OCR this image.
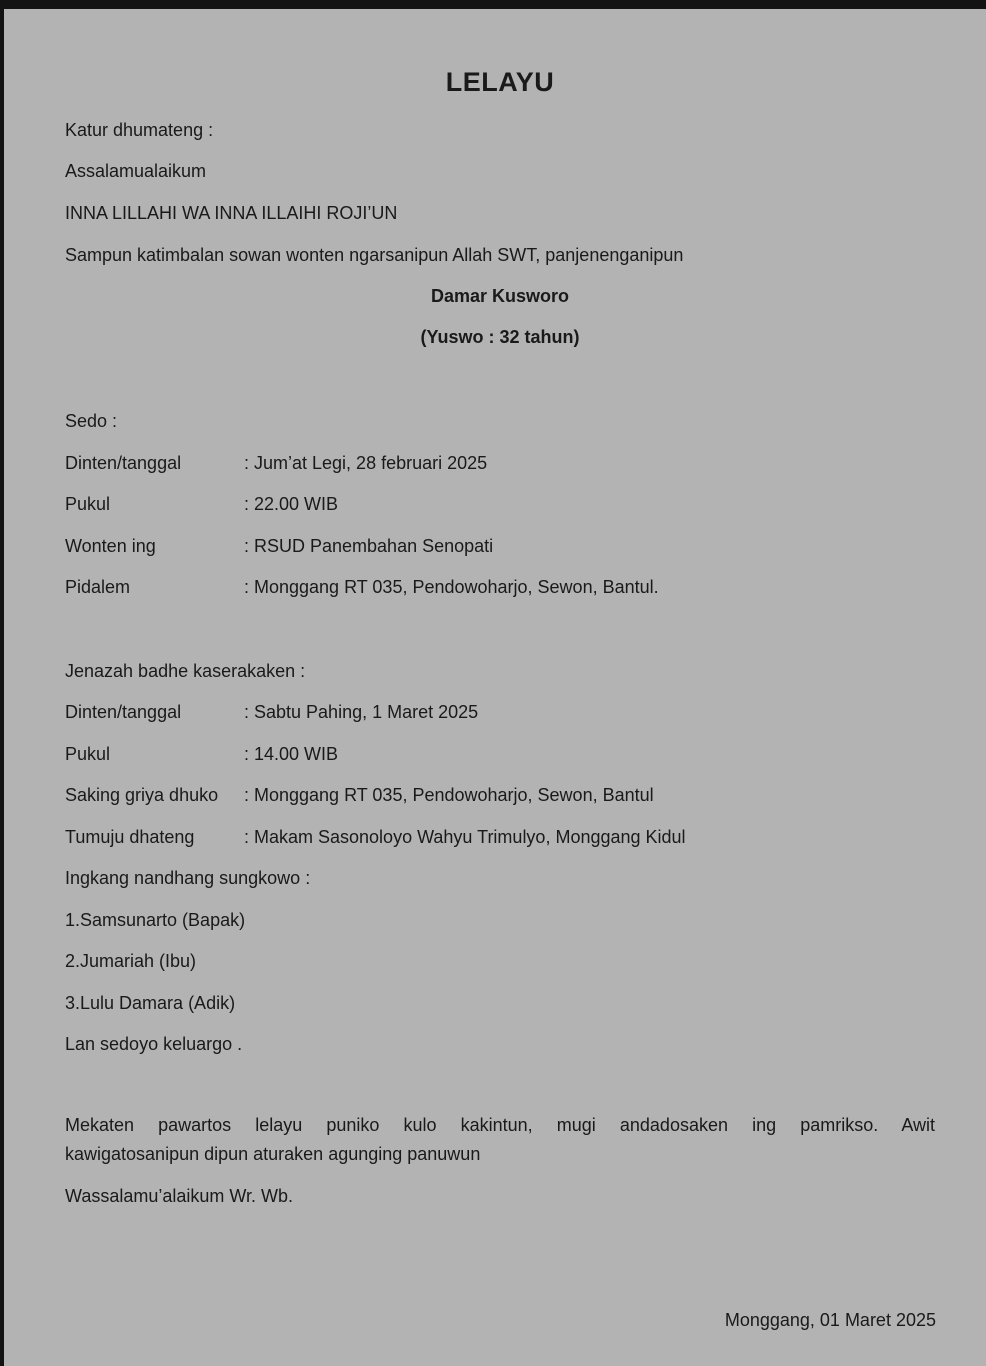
LELAYU
Katur dhumateng :
Assalamualaikum
INNA LILLAHI WA INNA ILLAIHI ROJI’UN
Sampun katimbalan sowan wonten ngarsanipun Allah SWT, panjenenganipun
Damar Kusworo
(Yuswo : 32 tahun)
Sedo :
Dinten/tanggal	: Jum’at Legi, 28 februari 2025
Pukul	: 22.00 WIB
Wonten ing	: RSUD Panembahan Senopati
Pidalem	: Monggang RT 035, Pendowoharjo, Sewon, Bantul.
Jenazah badhe kaserakaken :
Dinten/tanggal	: Sabtu Pahing, 1 Maret 2025
Pukul	: 14.00 WIB
Saking griya dhuko : Monggang RT 035, Pendowoharjo, Sewon, Bantul
Tumuju dhateng	: Makam Sasonoloyo Wahyu Trimulyo, Monggang Kidul
Ingkang nandhang sungkowo :
1.Samsunarto (Bapak)
2.Jumariah (Ibu)
3.Lulu Damara (Adik)
Lan sedoyo keluargo .
Mekaten pawartos lelayu puniko kulo kakintun, mugi andadosaken ing pamrikso. Awit
kawigatosanipun dipun aturaken agunging panuwun
Wassalamu’alaikum Wr. Wb.
Monggang, 01 Maret 2025
